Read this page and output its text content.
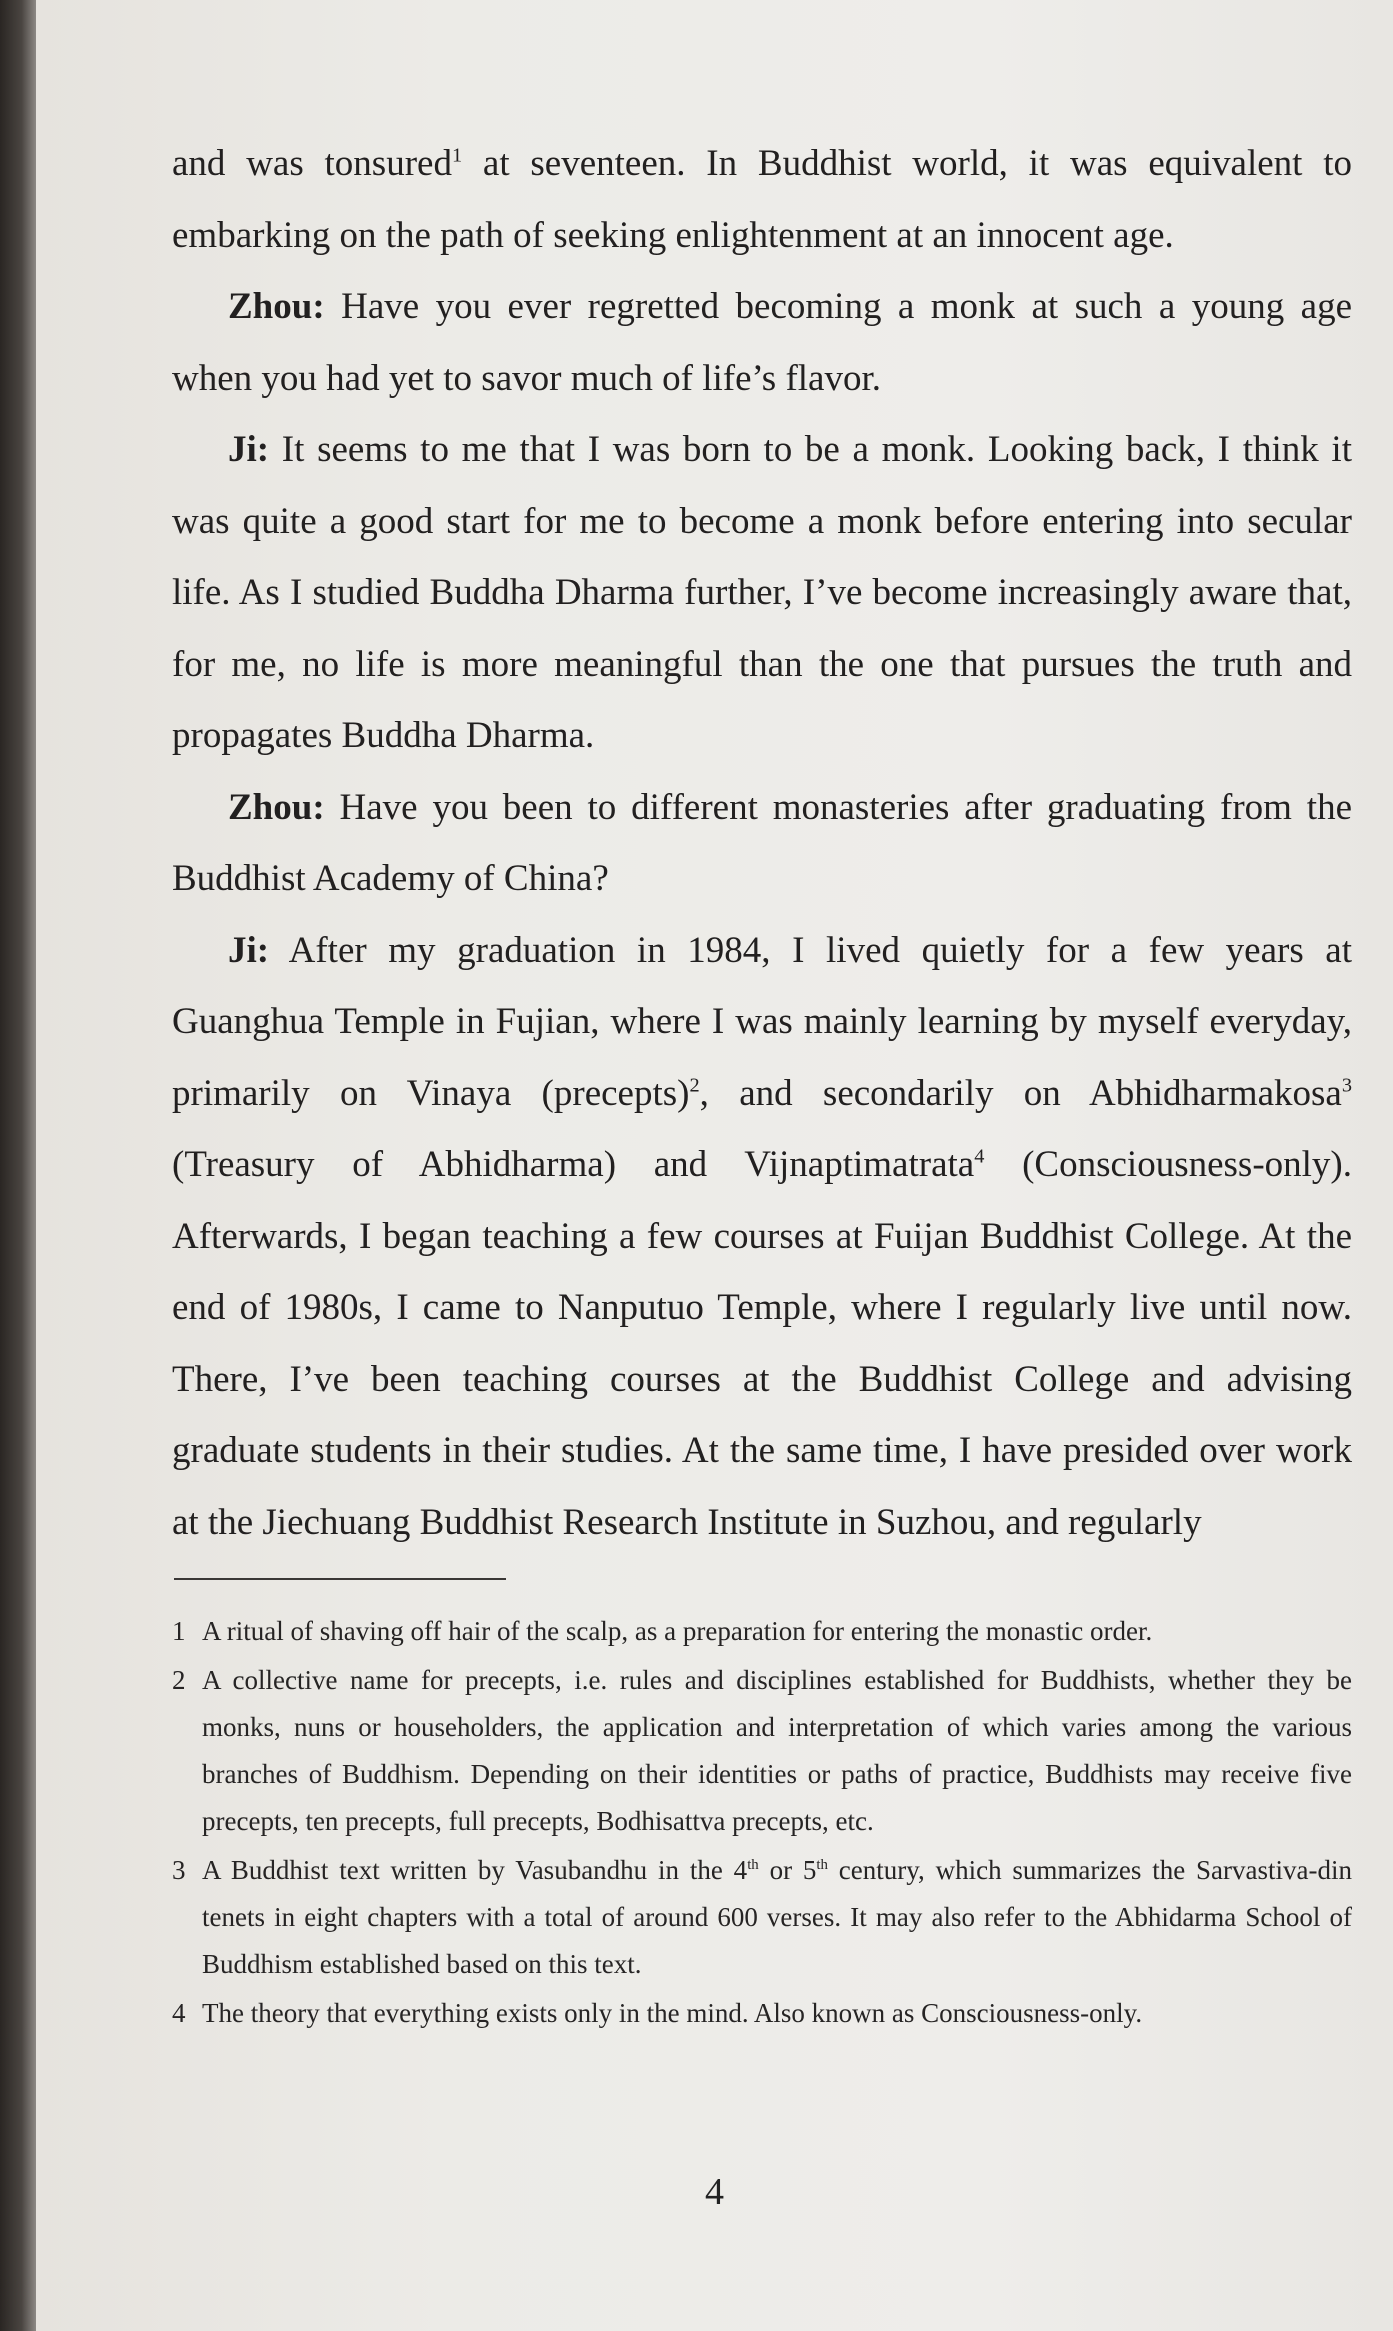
and was tonsured$^1$ at seventeen. In Buddhist world, it was equivalent to embarking on the path of seeking enlightenment at an innocent age.

Zhou: Have you ever regretted becoming a monk at such a young age when you had yet to savor much of life’s flavor.

Ji: It seems to me that I was born to be a monk. Looking back, I think it was quite a good start for me to become a monk before entering into secular life. As I studied Buddha Dharma further, I’ve become increasingly aware that, for me, no life is more meaningful than the one that pursues the truth and propagates Buddha Dharma.

Zhou: Have you been to different monasteries after graduating from the Buddhist Academy of China?

Ji: After my graduation in 1984, I lived quietly for a few years at Guanghua Temple in Fujian, where I was mainly learning by myself everyday, primarily on Vinaya (precepts)$^2$, and secondarily on Abhidharmakosa$^3$ (Treasury of Abhidharma) and Vijnaptimatrata$^4$ (Consciousness-only). Afterwards, I began teaching a few courses at Fuijan Buddhist College. At the end of 1980s, I came to Nanputuo Temple, where I regularly live until now. There, I’ve been teaching courses at the Buddhist College and advising graduate students in their studies. At the same time, I have presided over work at the Jiechuang Buddhist Research Institute in Suzhou, and regularly

1 A ritual of shaving off hair of the scalp, as a preparation for entering the monastic order.
2 A collective name for precepts, i.e. rules and disciplines established for Buddhists, whether they be monks, nuns or householders, the application and interpretation of which varies among the various branches of Buddhism. Depending on their identities or paths of practice, Buddhists may receive five precepts, ten precepts, full precepts, Bodhisattva precepts, etc.
3 A Buddhist text written by Vasubandhu in the 4th or 5th century, which summarizes the Sarvastiva-din tenets in eight chapters with a total of around 600 verses. It may also refer to the Abhidarma School of Buddhism established based on this text.
4 The theory that everything exists only in the mind. Also known as Consciousness-only.
4
